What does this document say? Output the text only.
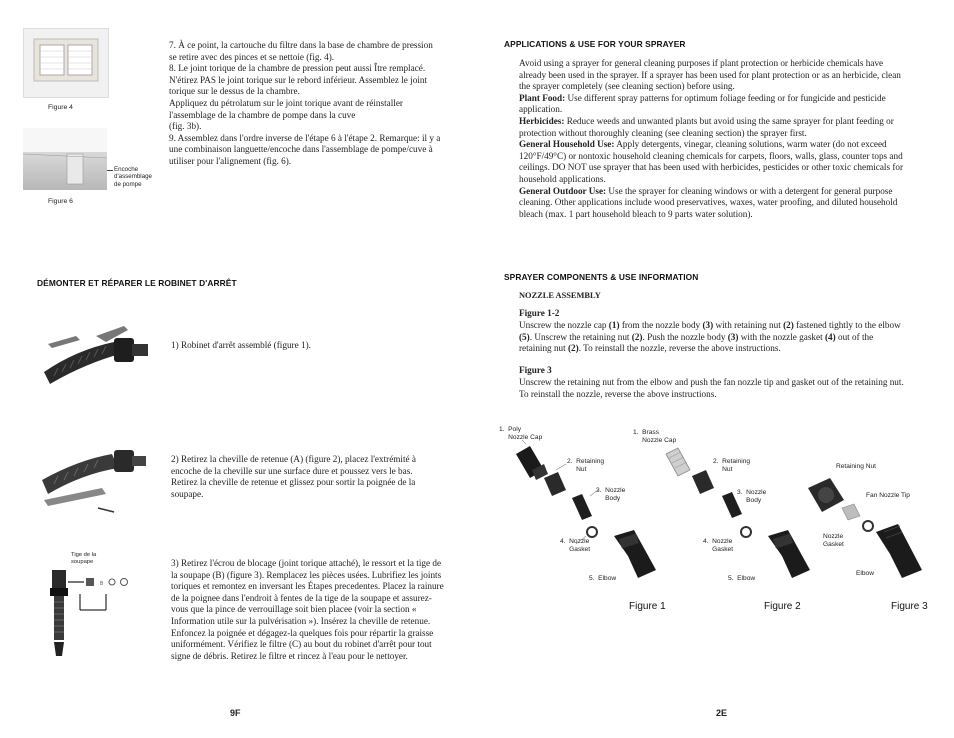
Figure 4
Encoche d'assemblage de pompe
Figure 6

7. À ce point, la cartouche du filtre dans la base de chambre de pression se retire avec des pinces et se nettoie (fig. 4).

8. Le joint torique de la chambre de pression peut aussi Ître remplacé. N'étirez PAS le joint torique sur le rebord inférieur. Assemblez le joint torique sur le dessus de la chambre.

Appliquez du pétrolatum sur le joint torique avant de réinstaller l'assemblage de la chambre de pompe dans la cuve

(fig. 3b).

9. Assemblez dans l'ordre inverse de l'étape 6 à l'étape 2. Remarque: il y a une combinaison languette/encoche dans l'assemblage de pompe/cuve à utiliser pour l'alignement (fig. 6).

DÉMONTER ET RÉPARER LE ROBINET D'ARRÊT
1) Robinet d'arrêt assemblé (figure 1).
2) Retirez la cheville de retenue (A) (figure 2), placez l'extrémité à encoche de la cheville sur une surface dure et poussez vers le bas. Retirez la cheville de retenue et glissez pour sortir la poignée de la soupape.
Tige de la soupape
B
3) Retirez l'écrou de blocage (joint torique attaché), le ressort et la tige de la soupape (B) (figure 3). Remplacez les pièces usées. Lubrifiez les joints toriques et remontez en inversant les Étapes precedentes. Placez la rainure de la poignee dans l'endroit à fentes de la tige de la soupape et assurez-vous que la pince de verrouillage soit bien placee (voir la section « Information utile sur la pulvérisation »). Insérez la cheville de retenue. Enfoncez la poignée et dégagez-la quelques fois pour répartir la graisse uniformément. Vérifiez le filtre (C) au bout du robinet d'arrêt pour tout signe de débris. Retirez le filtre et rincez à l'eau pour le nettoyer.
9F
APPLICATIONS & USE FOR YOUR SPRAYER

Avoid using a sprayer for general cleaning purposes if plant protection or herbicide chemicals have already been used in the sprayer. If a sprayer has been used for plant protection or as an herbicide, clean the sprayer completely (see cleaning section) before using.

Plant Food: Use different spray patterns for optimum foliage feeding or for fungicide and pesticide application.

Herbicides: Reduce weeds and unwanted plants but avoid using the same sprayer for plant feeding or protection without thoroughly cleaning (see cleaning section) the sprayer first.

General Household Use: Apply detergents, vinegar, cleaning solutions, warm water (do not exceed 120°F/49°C) or nontoxic household cleaning chemicals for carpets, floors, walls, glass, counter tops and ceilings. DO NOT use sprayer that has been used with herbicides, pesticides or other toxic chemicals for household applications.

General Outdoor Use: Use the sprayer for cleaning windows or with a detergent for general purpose cleaning. Other applications include wood preservatives, waxes, water proofing, and diluted household bleach (max. 1 part household bleach to 9 parts water solution).

SPRAYER COMPONENTS & USE INFORMATION
NOZZLE ASSEMBLY
Figure 1-2
Unscrew the nozzle cap (1) from the nozzle body (3) with retaining nut (2) fastened tightly to the elbow (5). Unscrew the retaining nut (2). Push the nozzle body (3) with the nozzle gasket (4) out of the retaining nut (2). To reinstall the nozzle, reverse the above instructions.
Figure 3
Unscrew the retaining nut from the elbow and push the fan nozzle tip and gasket out of the retaining nut. To reinstall the nozzle, reverse the above instructions.
1.  Poly
Nozzle Cap
2.  Retaining
Nut
3.  Nozzle
Body
4.  Nozzle
Gasket
5.  Elbow
Figure 1
1.  Brass
Nozzle Cap
2.  Retaining
Nut
3.  Nozzle
Body
4.  Nozzle
Gasket
5.  Elbow
Figure 2
Retaining Nut
Fan Nozzle Tip
Nozzle
Gasket
Elbow
Figure 3
2E
